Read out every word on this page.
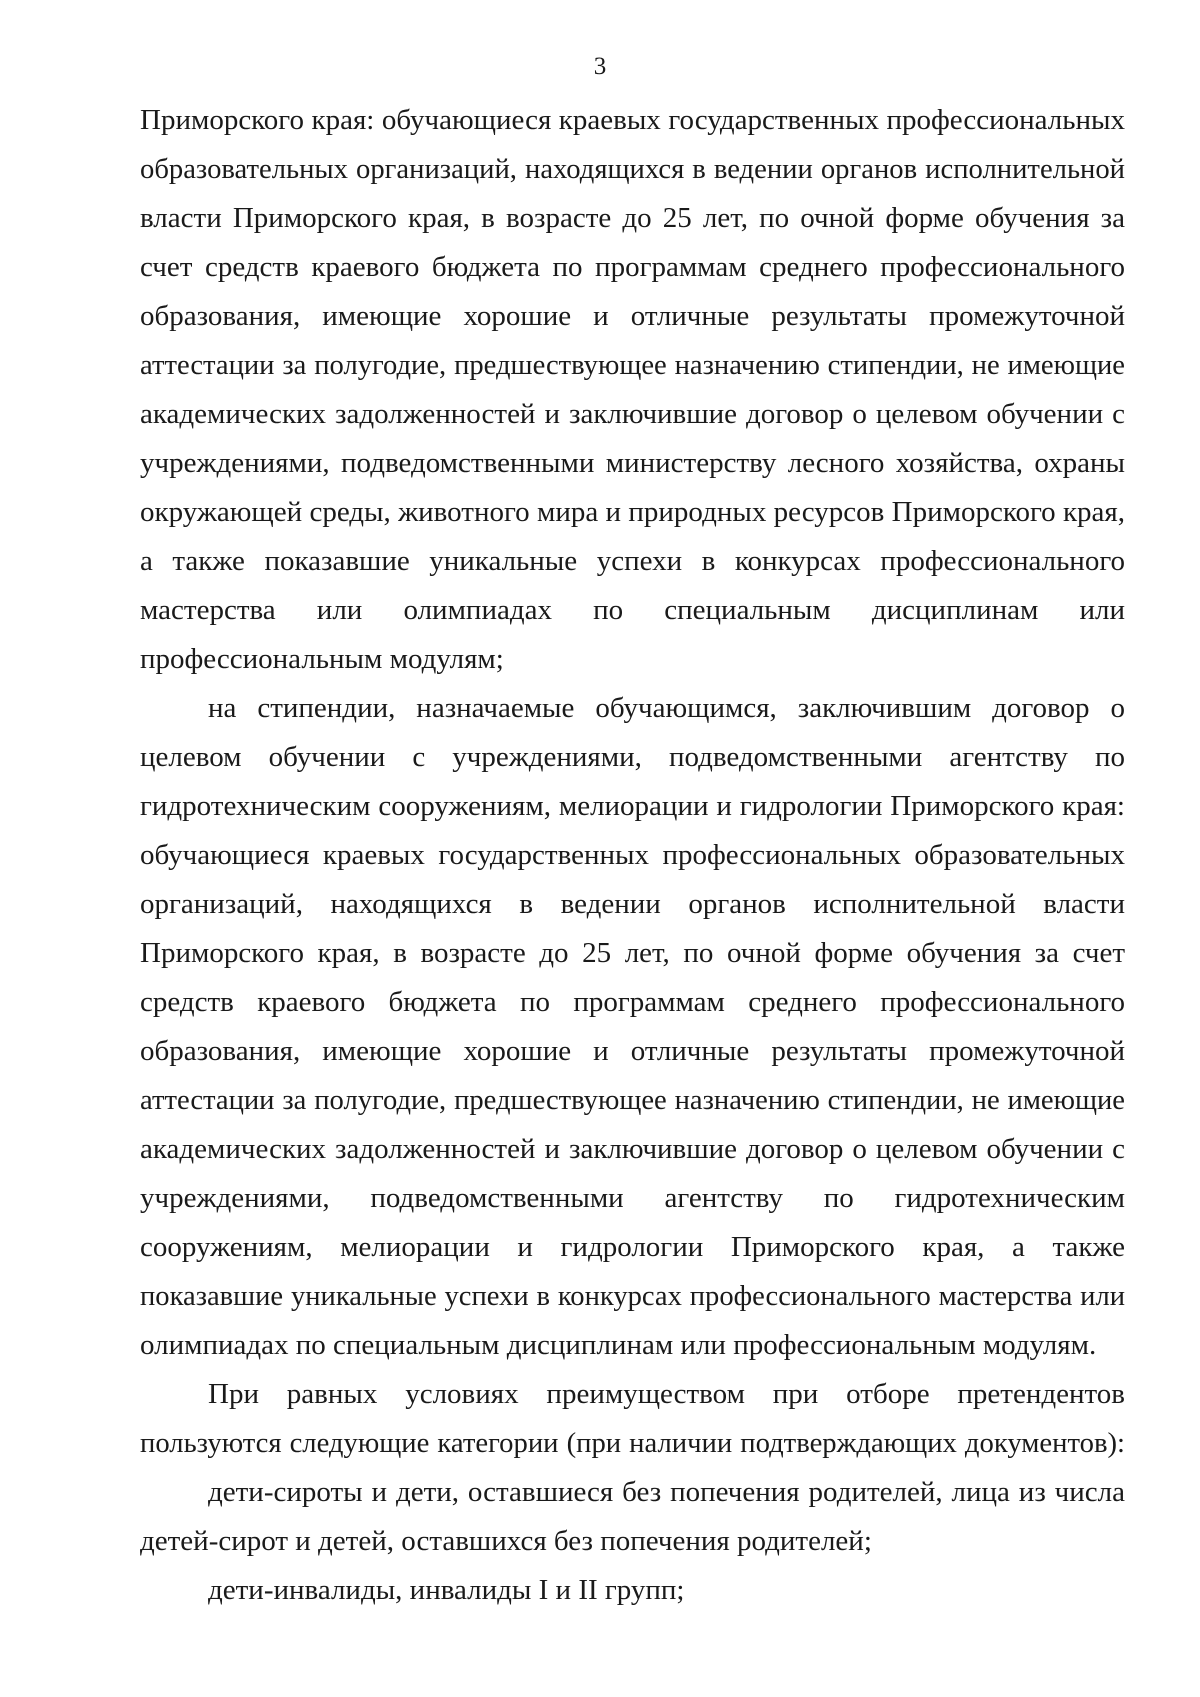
3
Приморского края: обучающиеся краевых государственных профессиональных
образовательных организаций, находящихся в ведении органов исполнительной
власти Приморского края, в возрасте до 25 лет, по очной форме обучения за
счет средств краевого бюджета по программам среднего профессионального
образования, имеющие хорошие и отличные результаты промежуточной
аттестации за полугодие, предшествующее назначению стипендии, не имеющие
академических задолженностей и заключившие договор о целевом обучении с
учреждениями, подведомственными министерству лесного хозяйства, охраны
окружающей среды, животного мира и природных ресурсов Приморского края,
а также показавшие уникальные успехи в конкурсах профессионального
мастерства или олимпиадах по специальным дисциплинам или
профессиональным модулям;
на стипендии, назначаемые обучающимся, заключившим договор о
целевом обучении с учреждениями, подведомственными агентству по
гидротехническим сооружениям, мелиорации и гидрологии Приморского края:
обучающиеся краевых государственных профессиональных образовательных
организаций, находящихся в ведении органов исполнительной власти
Приморского края, в возрасте до 25 лет, по очной форме обучения за счет
средств краевого бюджета по программам среднего профессионального
образования, имеющие хорошие и отличные результаты промежуточной
аттестации за полугодие, предшествующее назначению стипендии, не имеющие
академических задолженностей и заключившие договор о целевом обучении с
учреждениями, подведомственными агентству по гидротехническим
сооружениям, мелиорации и гидрологии Приморского края, а также
показавшие уникальные успехи в конкурсах профессионального мастерства или
олимпиадах по специальным дисциплинам или профессиональным модулям.
При равных условиях преимуществом при отборе претендентов
пользуются следующие категории (при наличии подтверждающих документов):
дети-сироты и дети, оставшиеся без попечения родителей, лица из числа
детей-сирот и детей, оставшихся без попечения родителей;
дети-инвалиды, инвалиды I и II групп;
